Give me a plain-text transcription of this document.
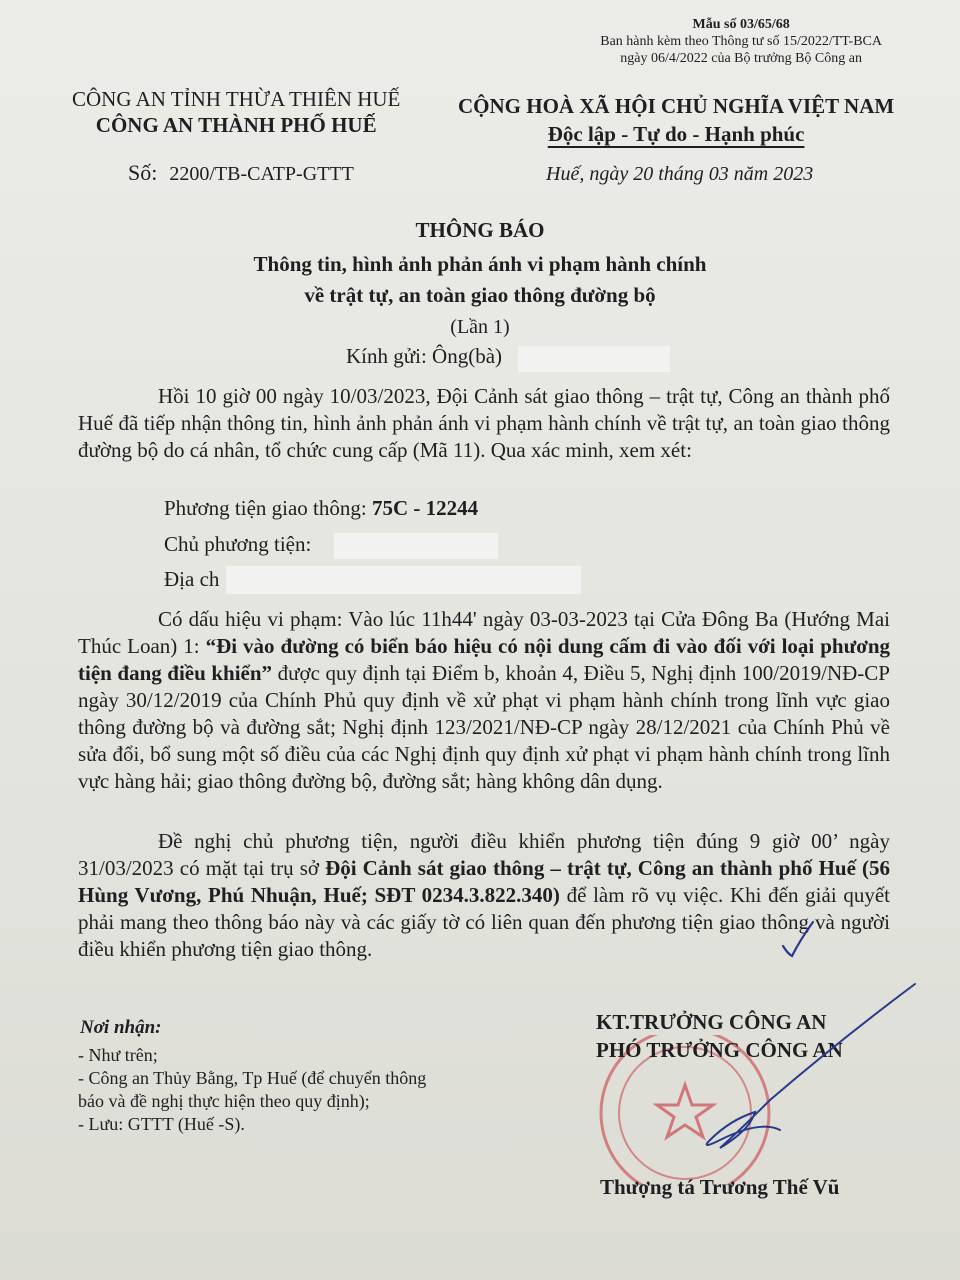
Mẫu số 03/65/68
Ban hành kèm theo Thông tư số 15/2022/TT-BCA
ngày 06/4/2022 của Bộ trưởng Bộ Công an
CÔNG AN TỈNH THỪA THIÊN HUẾ
CÔNG AN THÀNH PHỐ HUẾ
CỘNG HOÀ XÃ HỘI CHỦ NGHĨA VIỆT NAM
Độc lập - Tự do - Hạnh phúc
Số: 2200/TB-CATP-GTTT	Huế, ngày 20 tháng 03 năm 2023
THÔNG BÁO
Thông tin, hình ảnh phản ánh vi phạm hành chính
về trật tự, an toàn giao thông đường bộ
(Lần 1)
Kính gửi: Ông(bà)
Hồi 10 giờ 00 ngày 10/03/2023, Đội Cảnh sát giao thông – trật tự, Công an thành phố Huế đã tiếp nhận thông tin, hình ảnh phản ánh vi phạm hành chính về trật tự, an toàn giao thông đường bộ do cá nhân, tổ chức cung cấp (Mã 11). Qua xác minh, xem xét:
Phương tiện giao thông: 75C - 12244
Chủ phương tiện:
Địa ch
Có dấu hiệu vi phạm: Vào lúc 11h44' ngày 03-03-2023 tại Cửa Đông Ba (Hướng Mai Thúc Loan) 1: “Đi vào đường có biển báo hiệu có nội dung cấm đi vào đối với loại phương tiện đang điều khiển” được quy định tại Điểm b, khoản 4, Điều 5, Nghị định 100/2019/NĐ-CP ngày 30/12/2019 của Chính Phủ quy định về xử phạt vi phạm hành chính trong lĩnh vực giao thông đường bộ và đường sắt; Nghị định 123/2021/NĐ-CP ngày 28/12/2021 của Chính Phủ về sửa đổi, bổ sung một số điều của các Nghị định quy định xử phạt vi phạm hành chính trong lĩnh vực hàng hải; giao thông đường bộ, đường sắt; hàng không dân dụng.
Đề nghị chủ phương tiện, người điều khiển phương tiện đúng 9 giờ 00’ ngày 31/03/2023 có mặt tại trụ sở Đội Cảnh sát giao thông – trật tự, Công an thành phố Huế (56 Hùng Vương, Phú Nhuận, Huế; SĐT 0234.3.822.340) để làm rõ vụ việc. Khi đến giải quyết phải mang theo thông báo này và các giấy tờ có liên quan đến phương tiện giao thông và người điều khiển phương tiện giao thông.
Nơi nhận:
- Như trên;
- Công an Thủy Bằng, Tp Huế (để chuyển thông
báo và đề nghị thực hiện theo quy định);
- Lưu: GTTT (Huế -S).
KT.TRƯỞNG CÔNG AN
PHÓ TRƯỞNG CÔNG AN
Thượng tá Trương Thế Vũ
